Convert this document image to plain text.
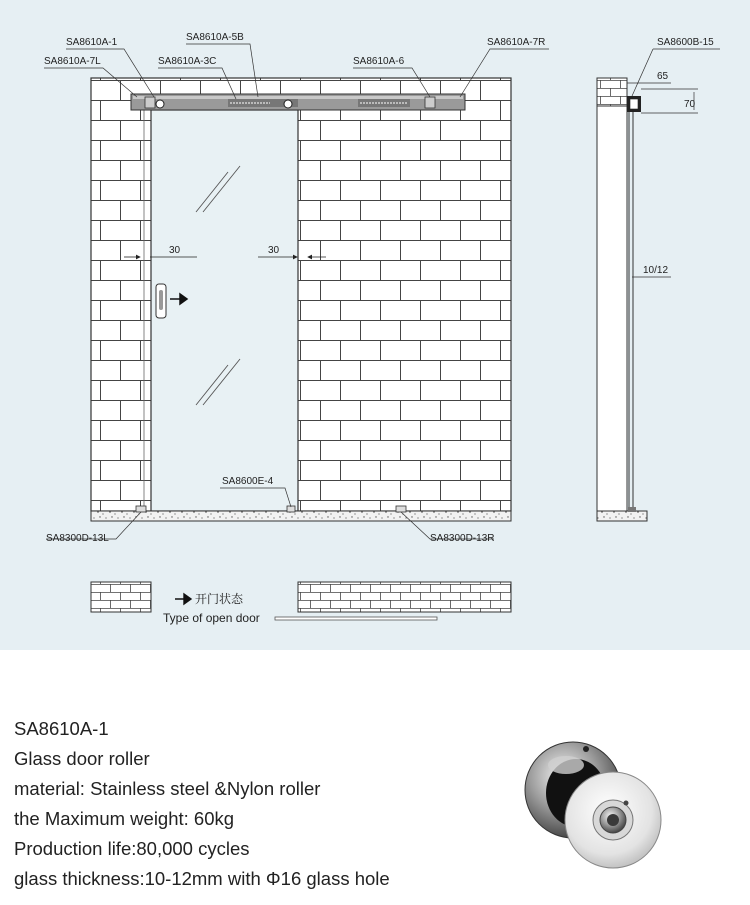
SA8610A-1
SA8610A-7L
SA8610A-5B
SA8610A-3C	SA8610A-6
SA8610A-7R	SA8600B-15
SA8600E-4
SA8300D-13L	SA8300D-13R
30	30
65
70
10/12
开门状态
Type of open door
SA8610A-1
Glass door roller
material: Stainless steel &Nylon roller
the Maximum weight: 60kg
Production life:80,000 cycles
glass thickness:10-12mm with Φ16 glass hole
